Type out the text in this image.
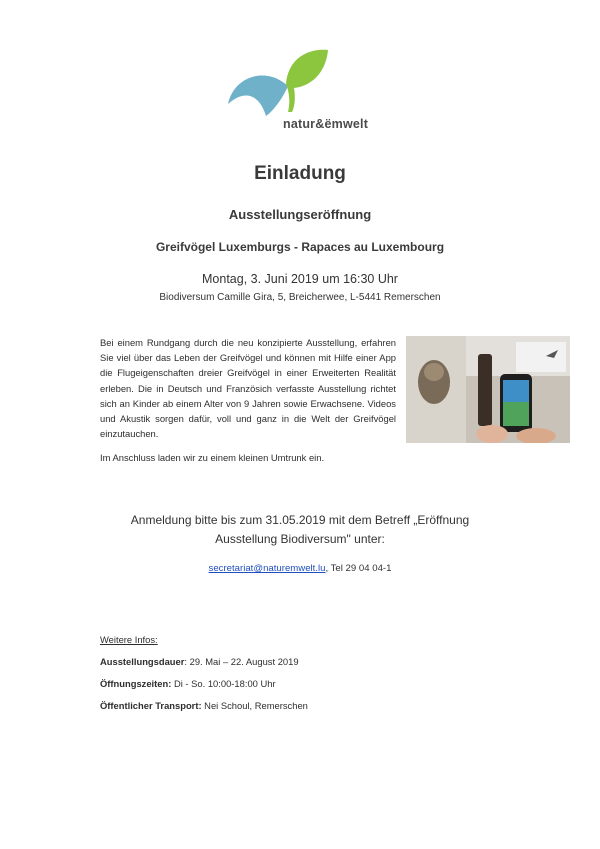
natur&ëmwelt
Einladung
Ausstellungseröffnung
Greifvögel Luxemburgs - Rapaces au Luxembourg
Montag, 3. Juni 2019 um 16:30 Uhr
Biodiversum Camille Gira, 5, Breicherwee, L-5441 Remerschen
Bei einem Rundgang durch die neu konzipierte Ausstellung, erfahren Sie viel über das Leben der Greifvögel und können mit Hilfe einer App die Flugeigenschaften dreier Greifvögel in einer Erweiterten Realität erleben. Die in Deutsch und Französich verfasste Ausstellung richtet sich an Kinder ab einem Alter von 9 Jahren sowie Erwachsene. Videos und Akustik sorgen dafür, voll und ganz in die Welt der Greifvögel einzutauchen.
Im Anschluss laden wir zu einem kleinen Umtrunk ein.
Anmeldung bitte bis zum 31.05.2019 mit dem Betreff „Eröffnung
Ausstellung Biodiversum" unter:
secretariat@naturemwelt.lu, Tel 29 04 04-1
Weitere Infos:
Ausstellungsdauer: 29. Mai – 22. August 2019
Öffnungszeiten: Di - So. 10:00-18:00 Uhr
Öffentlicher Transport: Nei Schoul, Remerschen
